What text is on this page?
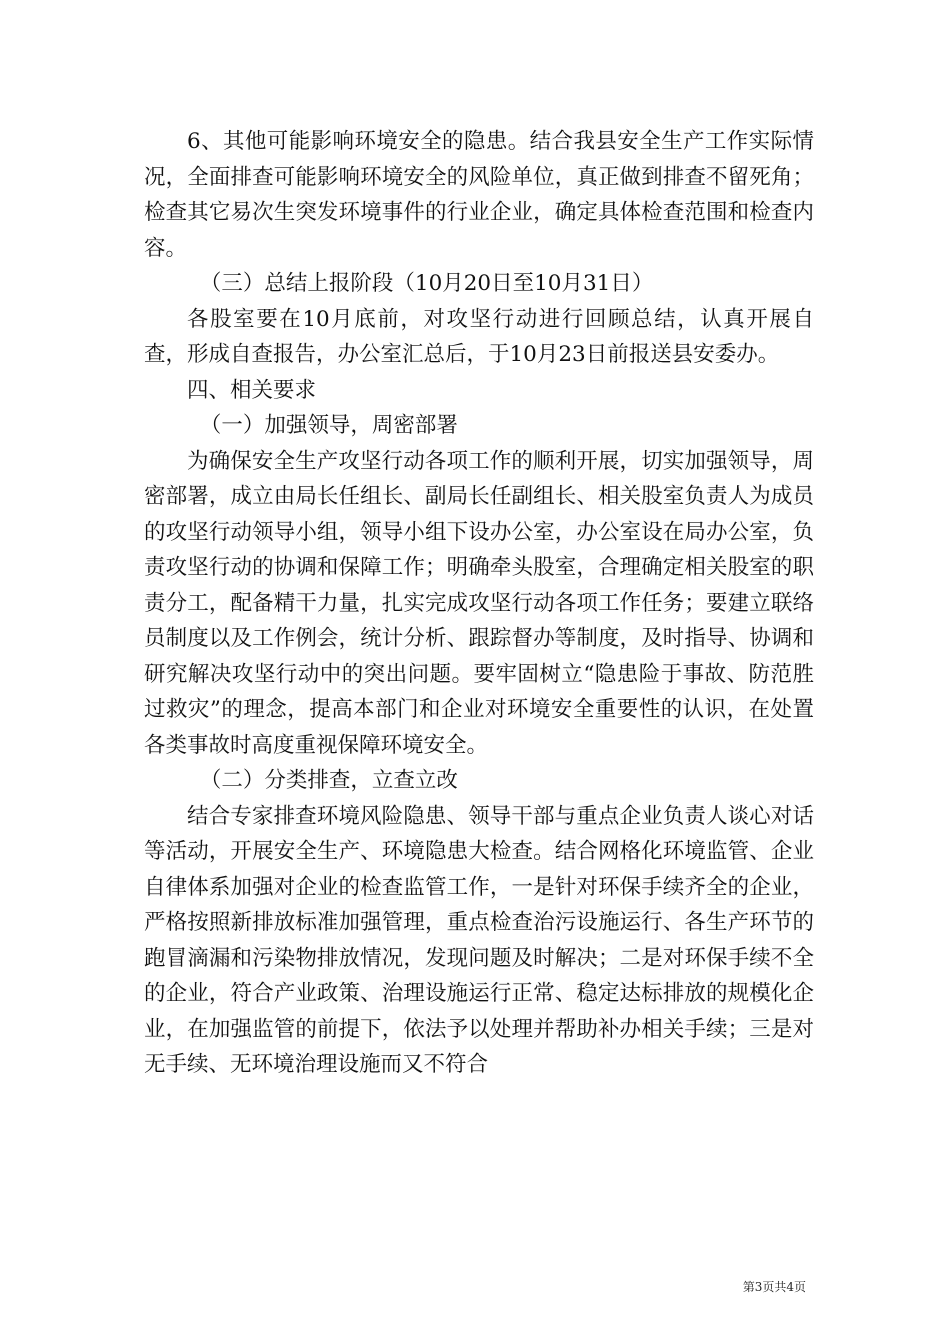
6、其他可能影响环境安全的隐患。结合我县安全生产工作实际情况，全面排查可能影响环境安全的风险单位，真正做到排查不留死角；检查其它易次生突发环境事件的行业企业，确定具体检查范围和检查内容。

（三）总结上报阶段（10月20日至10月31日）

各股室要在10月底前，对攻坚行动进行回顾总结，认真开展自查，形成自查报告，办公室汇总后，于10月23日前报送县安委办。

四、相关要求

（一）加强领导，周密部署

为确保安全生产攻坚行动各项工作的顺利开展，切实加强领导，周密部署，成立由局长任组长、副局长任副组长、相关股室负责人为成员的攻坚行动领导小组，领导小组下设办公室，办公室设在局办公室，负责攻坚行动的协调和保障工作；明确牵头股室，合理确定相关股室的职责分工，配备精干力量，扎实完成攻坚行动各项工作任务；要建立联络员制度以及工作例会，统计分析、跟踪督办等制度，及时指导、协调和研究解决攻坚行动中的突出问题。要牢固树立“隐患险于事故、防范胜过救灾”的理念，提高本部门和企业对环境安全重要性的认识，在处置各类事故时高度重视保障环境安全。

（二）分类排查，立查立改

结合专家排查环境风险隐患、领导干部与重点企业负责人谈心对话等活动，开展安全生产、环境隐患大检查。结合网格化环境监管、企业自律体系加强对企业的检查监管工作，一是针对环保手续齐全的企业，严格按照新排放标准加强管理，重点检查治污设施运行、各生产环节的跑冒滴漏和污染物排放情况，发现问题及时解决；二是对环保手续不全的企业，符合产业政策、治理设施运行正常、稳定达标排放的规模化企业，在加强监管的前提下，依法予以处理并帮助补办相关手续；三是对无手续、无环境治理设施而又不符合

第3页共4页
